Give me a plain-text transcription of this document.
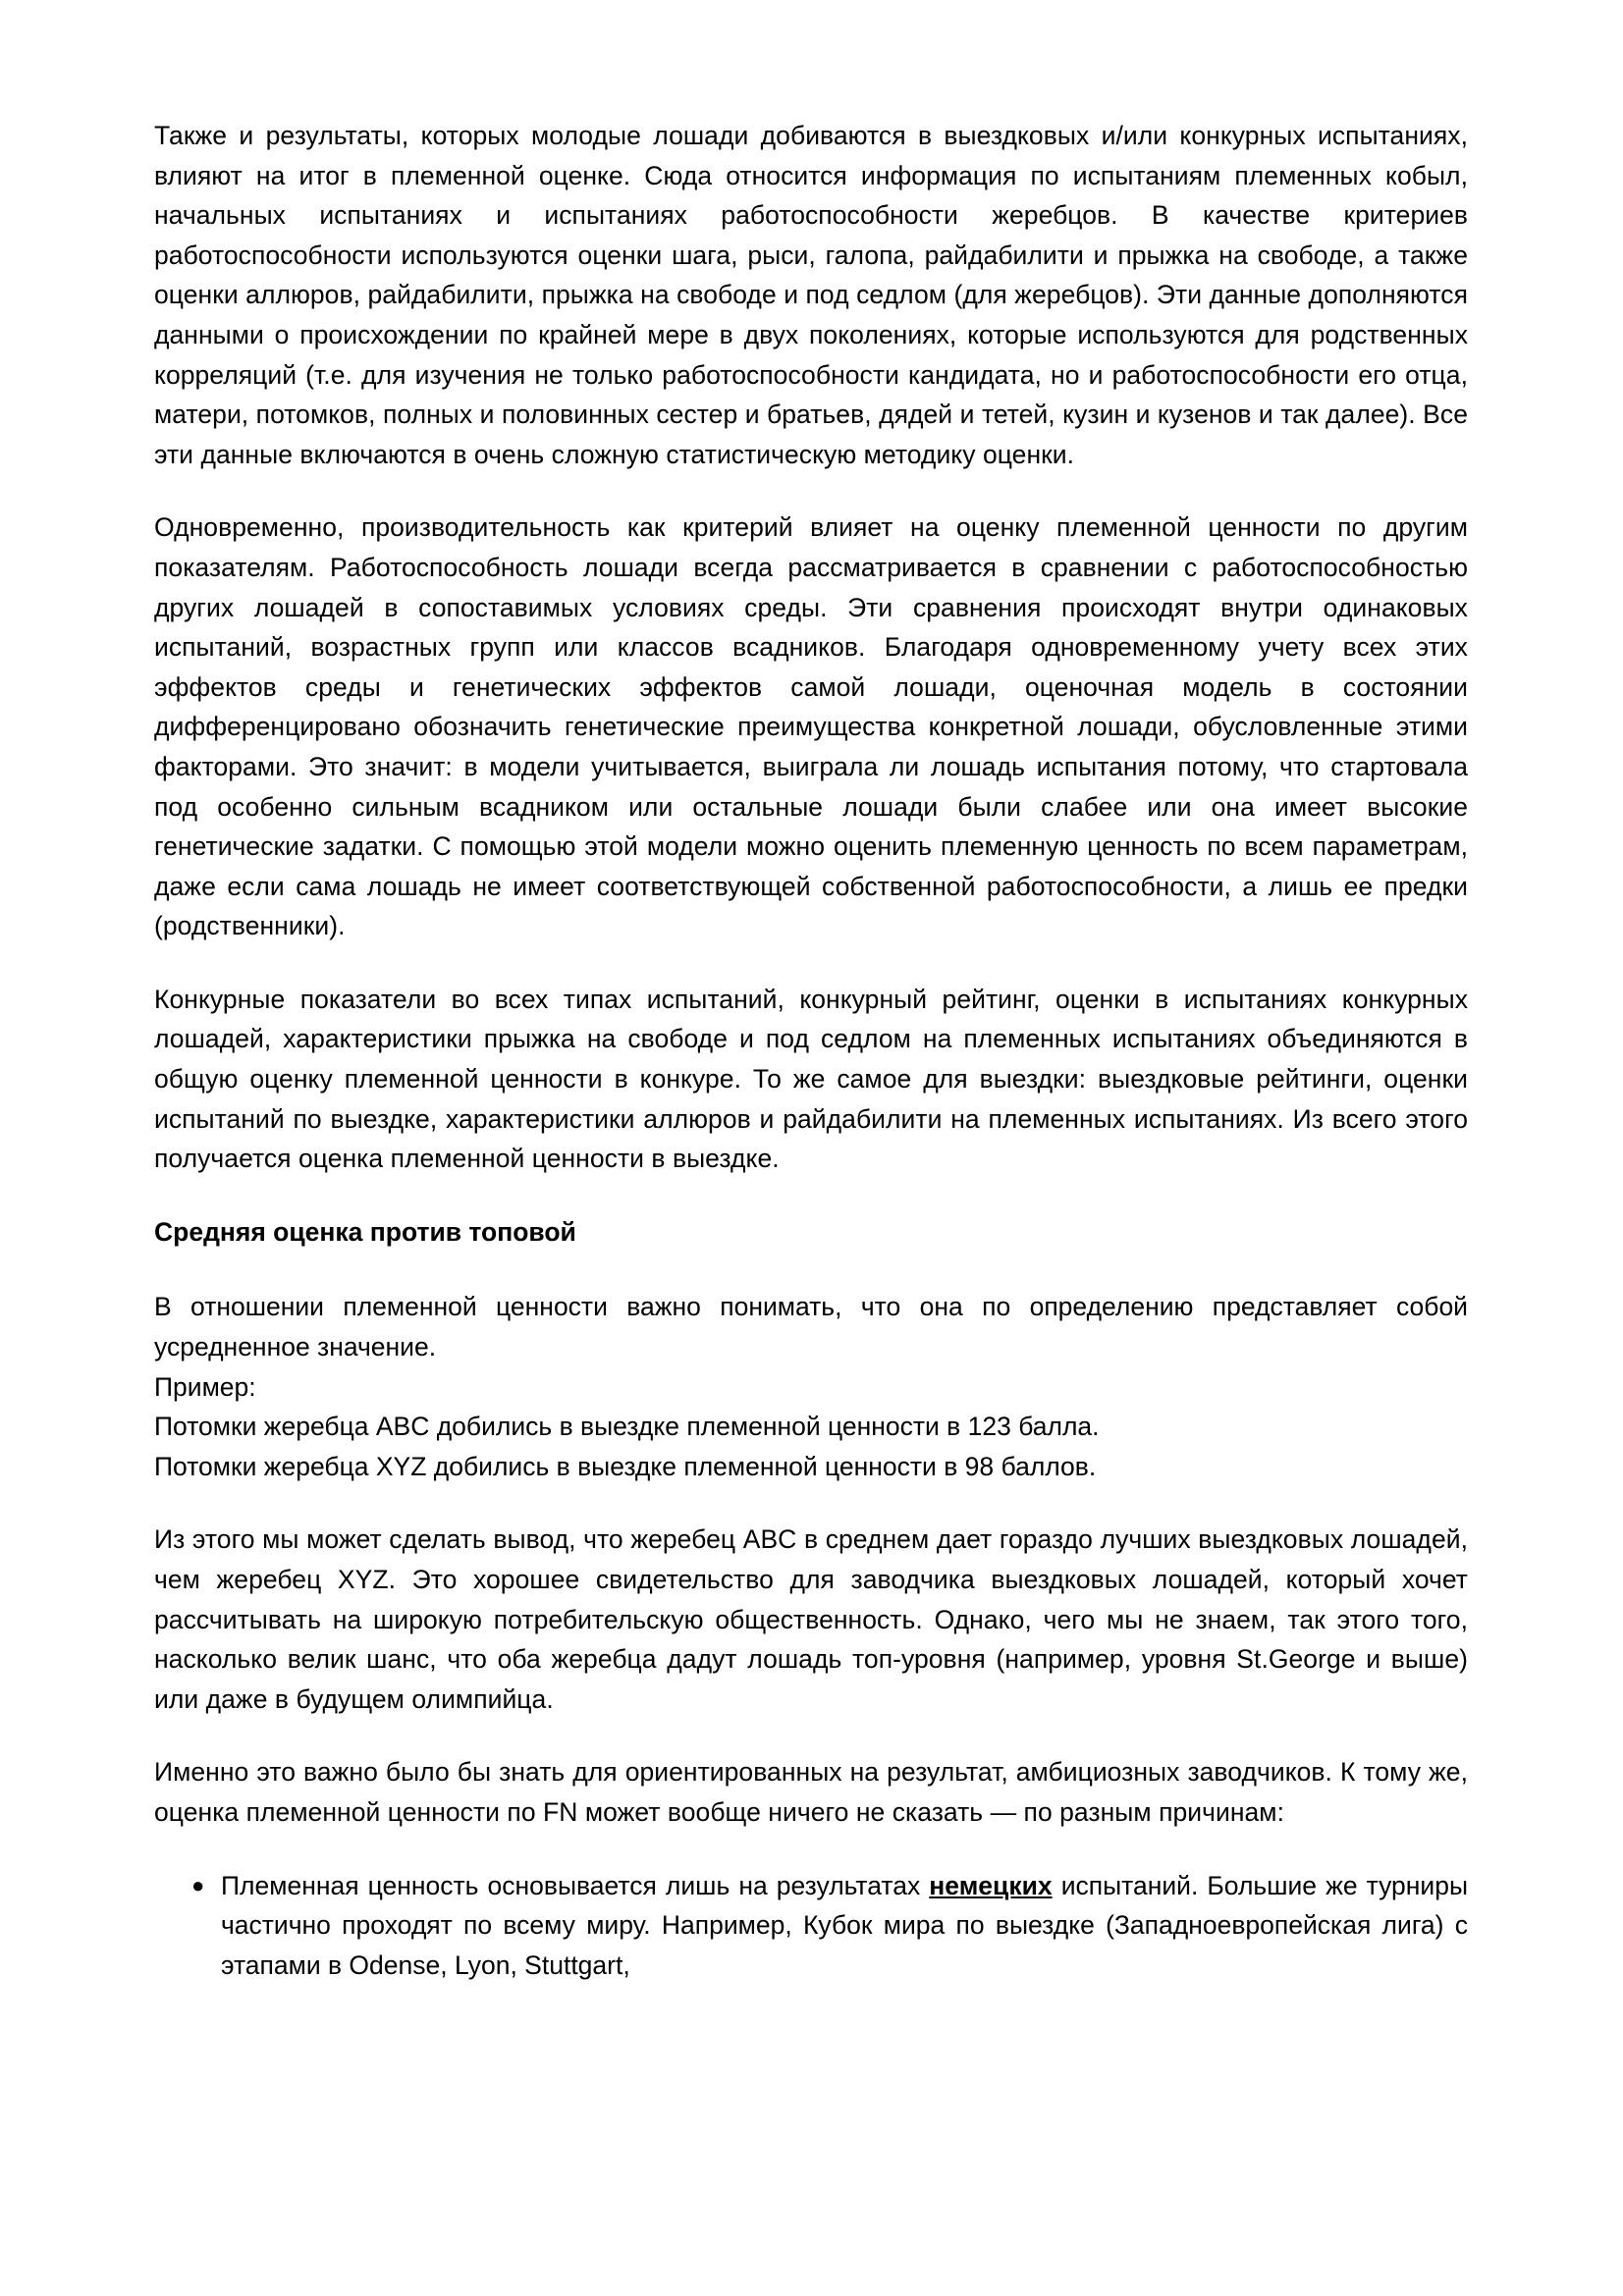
Также и результаты, которых молодые лошади добиваются в выездковых и/или конкурных испытаниях, влияют на итог в племенной оценке. Сюда относится информация по испытаниям племенных кобыл, начальных испытаниях и испытаниях работоспособности жеребцов. В качестве критериев работоспособности используются оценки шага, рыси, галопа, райдабилити и прыжка на свободе, а также оценки аллюров, райдабилити, прыжка на свободе и под седлом (для жеребцов). Эти данные дополняются данными о происхождении по крайней мере в двух поколениях, которые используются для родственных корреляций (т.е. для изучения не только работоспособности кандидата, но и работоспособности его отца, матери, потомков, полных и половинных сестер и братьев, дядей и тетей, кузин и кузенов и так далее). Все эти данные включаются в очень сложную статистическую методику оценки.

Одновременно, производительность как критерий влияет на оценку племенной ценности по другим показателям. Работоспособность лошади всегда рассматривается в сравнении с работоспособностью других лошадей в сопоставимых условиях среды. Эти сравнения происходят внутри одинаковых испытаний, возрастных групп или классов всадников. Благодаря одновременному учету всех этих эффектов среды и генетических эффектов самой лошади, оценочная модель в состоянии дифференцировано обозначить генетические преимущества конкретной лошади, обусловленные этими факторами. Это значит: в модели учитывается, выиграла ли лошадь испытания потому, что стартовала под особенно сильным всадником или остальные лошади были слабее или она имеет высокие генетические задатки. С помощью этой модели можно оценить племенную ценность по всем параметрам, даже если сама лошадь не имеет соответствующей собственной работоспособности, а лишь ее предки (родственники).

Конкурные показатели во всех типах испытаний, конкурный рейтинг, оценки в испытаниях конкурных лошадей, характеристики прыжка на свободе и под седлом на племенных испытаниях объединяются в общую оценку племенной ценности в конкуре. То же самое для выездки: выездковые рейтинги, оценки испытаний по выездке, характеристики аллюров и райдабилити на племенных испытаниях. Из всего этого получается оценка племенной ценности в выездке.

Средняя оценка против топовой
В отношении племенной ценности важно понимать, что она по определению представляет собой усредненное значение.
Пример:
Потомки жеребца ABC добились в выездке племенной ценности в 123 балла.
Потомки жеребца XYZ добились в выездке племенной ценности в 98 баллов.

Из этого мы может сделать вывод, что жеребец ABC в среднем дает гораздо лучших выездковых лошадей, чем жеребец XYZ. Это хорошее свидетельство для заводчика выездковых лошадей, который хочет рассчитывать на широкую потребительскую общественность. Однако, чего мы не знаем, так этого того, насколько велик шанс, что оба жеребца дадут лошадь топ-уровня (например, уровня St.George и выше) или даже в будущем олимпийца.

Именно это важно было бы знать для ориентированных на результат, амбициозных заводчиков. К тому же, оценка племенной ценности по FN может вообще ничего не сказать — по разным причинам:

● Племенная ценность основывается лишь на результатах немецких испытаний. Большие же турниры частично проходят по всему миру. Например, Кубок мира по выездке (Западноевропейская лига) с этапами в Odense, Lyon, Stuttgart,
